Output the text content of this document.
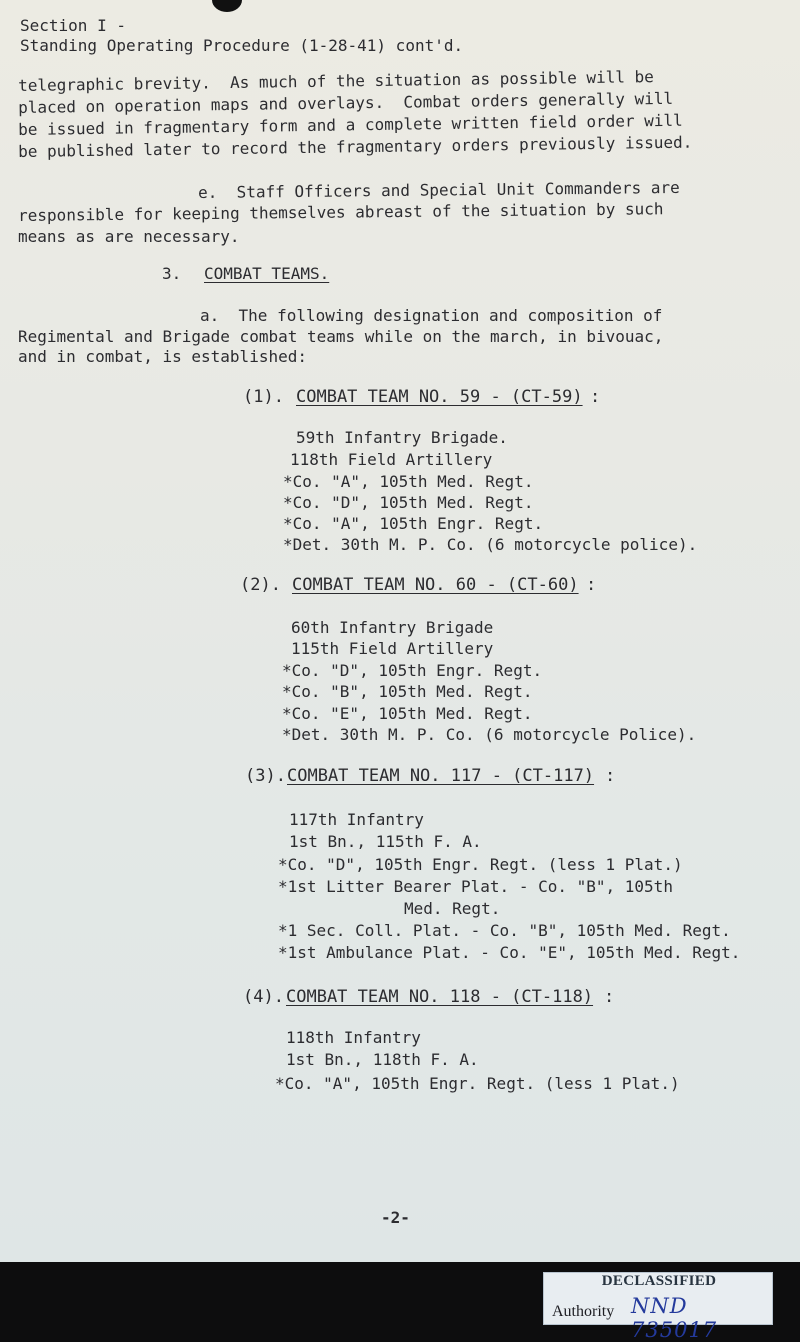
Section I -

Standing Operating Procedure (1-28-41) cont'd.

telegraphic brevity.  As much of the situation as possible will be

placed on operation maps and overlays.  Combat orders generally will

be issued in fragmentary form and a complete written field order will

be published later to record the fragmentary orders previously issued.

e.  Staff Officers and Special Unit Commanders are

responsible for keeping themselves abreast of the situation by such

means as are necessary.

3. COMBAT TEAMS.

a.  The following designation and composition of

Regimental and Brigade combat teams while on the march, in bivouac,

and in combat, is established:

(1). COMBAT TEAM NO. 59 - (CT-59) :

59th Infantry Brigade.

118th Field Artillery

*Co. "A", 105th Med. Regt.

*Co. "D", 105th Med. Regt.

*Co. "A", 105th Engr. Regt.

*Det. 30th M. P. Co. (6 motorcycle police).

(2). COMBAT TEAM NO. 60 - (CT-60) :

60th Infantry Brigade

115th Field Artillery

*Co. "D", 105th Engr. Regt.

*Co. "B", 105th Med. Regt.

*Co. "E", 105th Med. Regt.

*Det. 30th M. P. Co. (6 motorcycle Police).

(3). COMBAT TEAM NO. 117 - (CT-117) :

117th Infantry

1st Bn., 115th F. A.

*Co. "D", 105th Engr. Regt. (less 1 Plat.)

*1st Litter Bearer Plat. - Co. "B", 105th

Med. Regt.

*1 Sec. Coll. Plat. - Co. "B", 105th Med. Regt.

*1st Ambulance Plat. - Co. "E", 105th Med. Regt.

(4). COMBAT TEAM NO. 118 - (CT-118) :

118th Infantry

1st Bn., 118th F. A.

*Co. "A", 105th Engr. Regt. (less 1 Plat.)

-2-

DECLASSIFIED
Authority NND 735017
